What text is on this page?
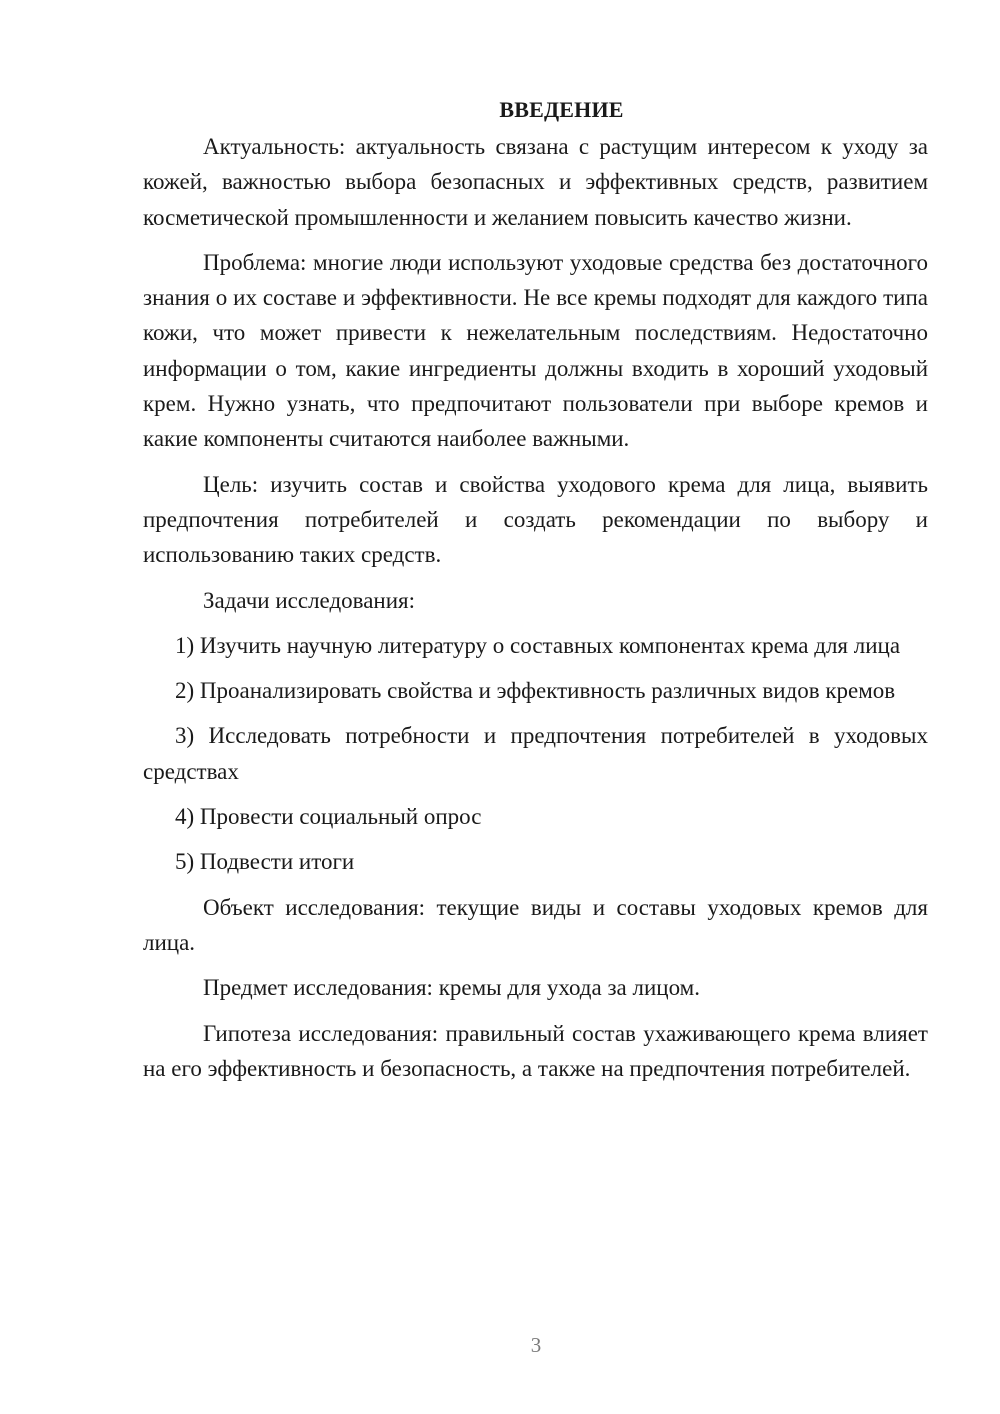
ВВЕДЕНИЕ

Актуальность: актуальность связана с растущим интересом к уходу за кожей, важностью выбора безопасных и эффективных средств, развитием косметической промышленности и желанием повысить качество жизни.

Проблема: многие люди используют уходовые средства без достаточного знания о их составе и эффективности. Не все кремы подходят для каждого типа кожи, что может привести к нежелательным последствиям. Недостаточно информации о том, какие ингредиенты должны входить в хороший уходовый крем. Нужно узнать, что предпочитают пользователи при выборе кремов и какие компоненты считаются наиболее важными.

Цель: изучить состав и свойства уходового крема для лица, выявить предпочтения потребителей и создать рекомендации по выбору и использованию таких средств.

Задачи исследования:

1) Изучить научную литературу о составных компонентах крема для лица

2) Проанализировать свойства и эффективность различных видов кремов

3) Исследовать потребности и предпочтения потребителей в уходовых средствах

4) Провести социальный опрос

5) Подвести итоги

Объект исследования: текущие виды и составы уходовых кремов для лица.

Предмет исследования: кремы для ухода за лицом.

Гипотеза исследования: правильный состав ухаживающего крема влияет на его эффективность и безопасность, а также на предпочтения потребителей.

3
